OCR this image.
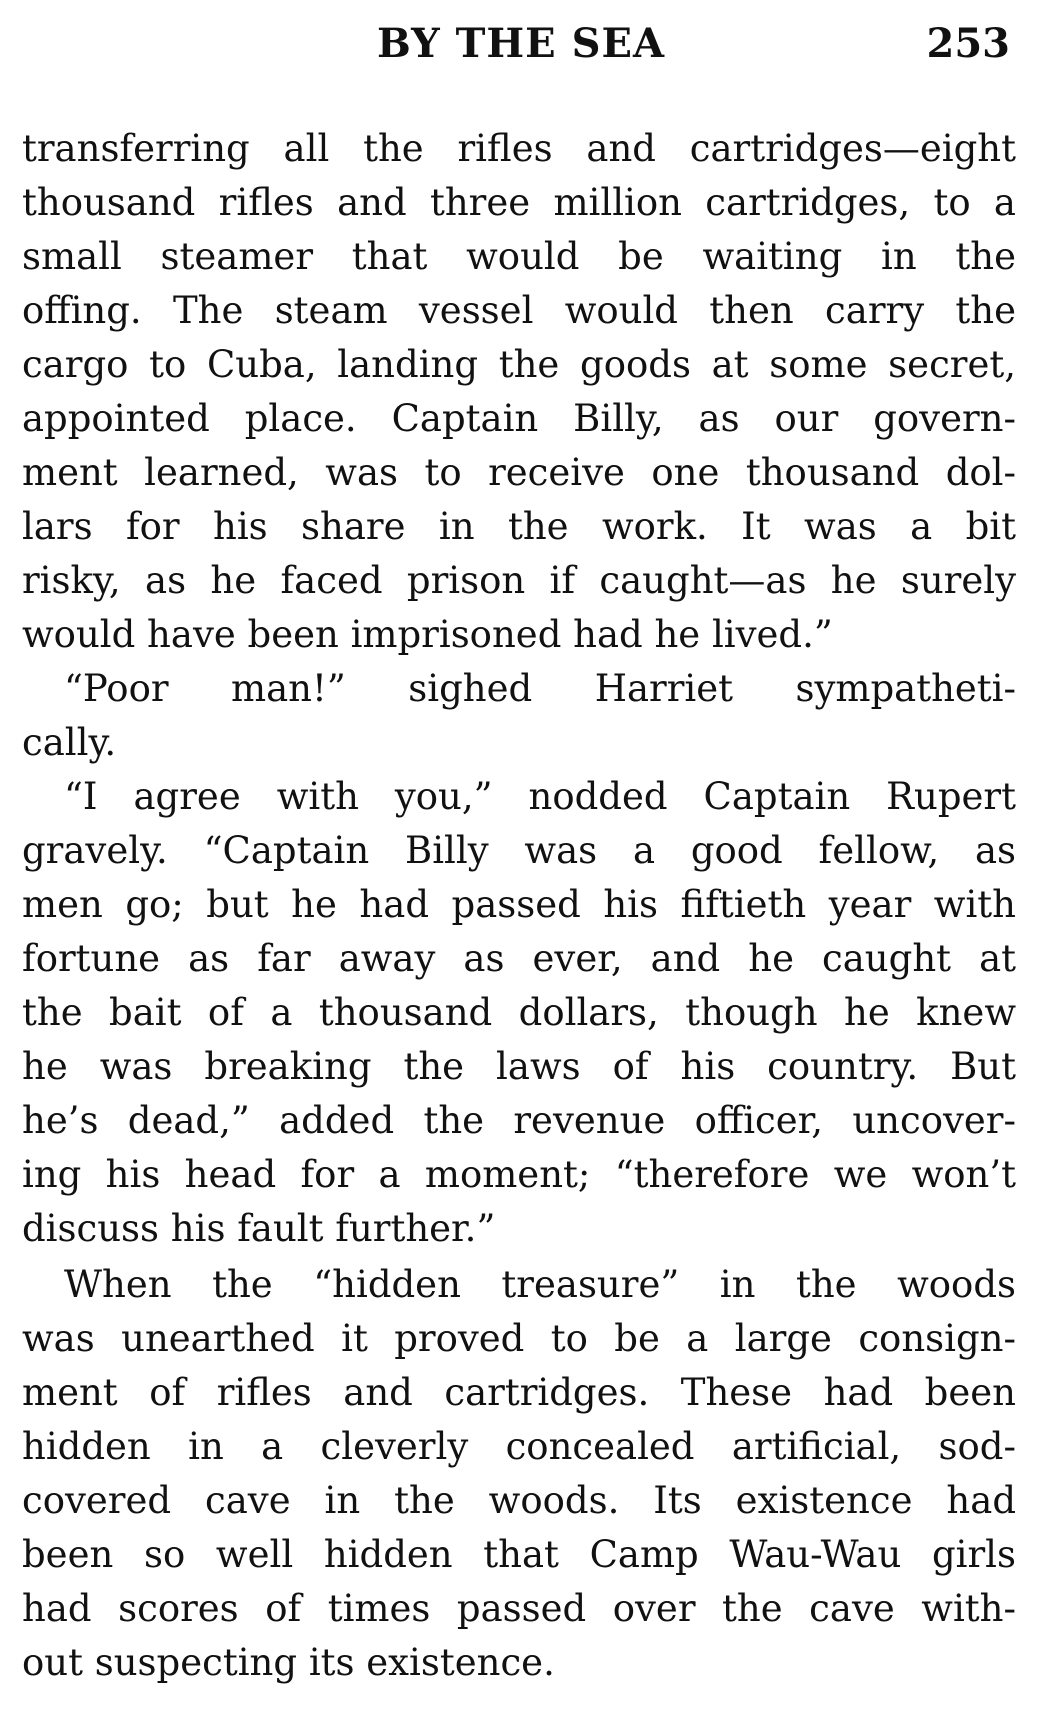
BY THE SEA	253
transferring all the rifles and cartridges—eight
thousand rifles and three million cartridges, to a
small steamer that would be waiting in the
offing. The steam vessel would then carry the
cargo to Cuba, landing the goods at some secret,
appointed place. Captain Billy, as our govern-
ment learned, was to receive one thousand dol-
lars for his share in the work. It was a bit
risky, as he faced prison if caught—as he surely
would have been imprisoned had he lived.”
“Poor man!” sighed Harriet sympatheti-
cally.
“I agree with you,” nodded Captain Rupert
gravely. “Captain Billy was a good fellow, as
men go; but he had passed his fiftieth year with
fortune as far away as ever, and he caught at
the bait of a thousand dollars, though he knew
he was breaking the laws of his country. But
he’s dead,” added the revenue officer, uncover-
ing his head for a moment; “therefore we won’t
discuss his fault further.”
When the “hidden treasure” in the woods
was unearthed it proved to be a large consign-
ment of rifles and cartridges. These had been
hidden in a cleverly concealed artificial, sod-
covered cave in the woods. Its existence had
been so well hidden that Camp Wau-Wau girls
had scores of times passed over the cave with-
out suspecting its existence.
